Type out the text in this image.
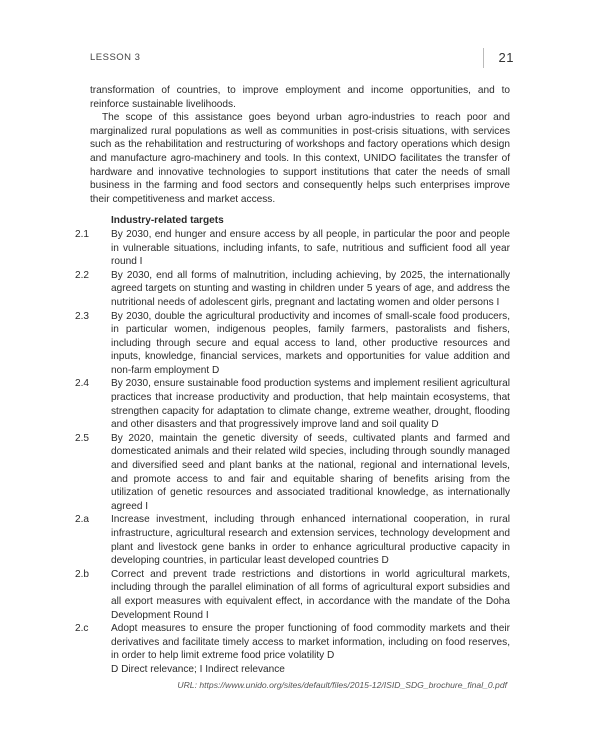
LESSON 3	21

transformation of countries, to improve employment and income opportunities, and to reinforce sustainable livelihoods.

The scope of this assistance goes beyond urban agro-industries to reach poor and marginalized rural populations as well as communities in post-crisis situations, with services such as the rehabilitation and restructuring of workshops and factory operations which design and manufacture agro-machinery and tools. In this context, UNIDO facilitates the transfer of hardware and innovative technologies to support institutions that cater the needs of small business in the farming and food sectors and consequently helps such enterprises improve their competitiveness and market access.

Industry-related targets
2.1	By 2030, end hunger and ensure access by all people, in particular the poor and people in vulnerable situations, including infants, to safe, nutritious and sufficient food all year round I
2.2	By 2030, end all forms of malnutrition, including achieving, by 2025, the internationally agreed targets on stunting and wasting in children under 5 years of age, and address the nutritional needs of adolescent girls, pregnant and lactating women and older persons I
2.3	By 2030, double the agricultural productivity and incomes of small-scale food producers, in particular women, indigenous peoples, family farmers, pastoralists and fishers, including through secure and equal access to land, other productive resources and inputs, knowledge, financial services, markets and opportunities for value addition and non-farm employment D
2.4	By 2030, ensure sustainable food production systems and implement resilient agricultural practices that increase productivity and production, that help maintain ecosystems, that strengthen capacity for adaptation to climate change, extreme weather, drought, flooding and other disasters and that progressively improve land and soil quality D
2.5	By 2020, maintain the genetic diversity of seeds, cultivated plants and farmed and domesticated animals and their related wild species, including through soundly managed and diversified seed and plant banks at the national, regional and international levels, and promote access to and fair and equitable sharing of benefits arising from the utilization of genetic resources and associated traditional knowledge, as internationally agreed I
2.a	Increase investment, including through enhanced international cooperation, in rural infrastructure, agricultural research and extension services, technology development and plant and livestock gene banks in order to enhance agricultural productive capacity in developing countries, in particular least developed countries D
2.b	Correct and prevent trade restrictions and distortions in world agricultural markets, including through the parallel elimination of all forms of agricultural export subsidies and all export measures with equivalent effect, in accordance with the mandate of the Doha Development Round I
2.c	Adopt measures to ensure the proper functioning of food commodity markets and their derivatives and facilitate timely access to market information, including on food reserves, in order to help limit extreme food price volatility D

D Direct relevance; I Indirect relevance

URL: https://www.unido.org/sites/default/files/2015-12/ISID_SDG_brochure_final_0.pdf
